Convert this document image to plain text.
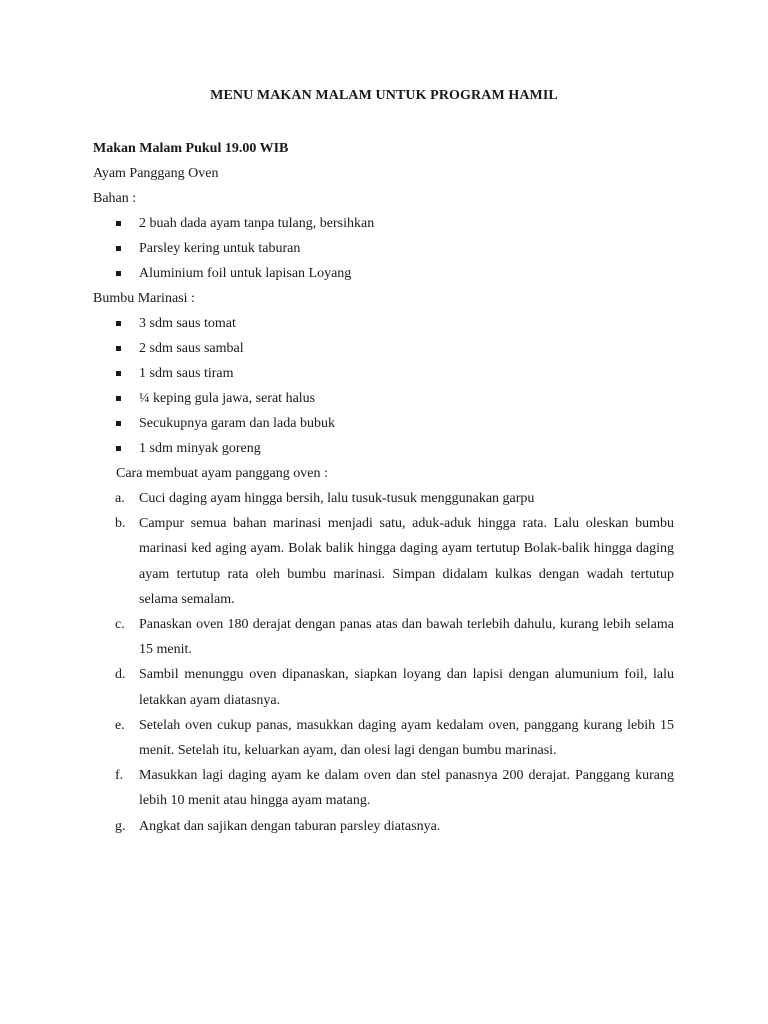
MENU MAKAN MALAM UNTUK PROGRAM HAMIL
Makan Malam Pukul 19.00 WIB
Ayam Panggang Oven
Bahan :
2 buah dada ayam tanpa tulang, bersihkan
Parsley kering untuk taburan
Aluminium foil untuk lapisan Loyang
Bumbu Marinasi :
3 sdm saus tomat
2 sdm saus sambal
1 sdm saus tiram
¼ keping gula jawa, serat halus
Secukupnya garam dan lada bubuk
1 sdm minyak goreng
Cara membuat ayam panggang oven :
a. Cuci daging ayam hingga bersih, lalu tusuk-tusuk menggunakan garpu
b. Campur semua bahan marinasi menjadi satu, aduk-aduk hingga rata. Lalu oleskan bumbu marinasi ked aging ayam. Bolak balik hingga daging ayam tertutup Bolak-balik hingga daging ayam tertutup rata oleh bumbu marinasi. Simpan didalam kulkas dengan wadah tertutup selama semalam.
c. Panaskan oven 180 derajat dengan panas atas dan bawah terlebih dahulu, kurang lebih selama 15 menit.
d. Sambil menunggu oven dipanaskan, siapkan loyang dan lapisi dengan alumunium foil, lalu letakkan ayam diatasnya.
e. Setelah oven cukup panas, masukkan daging ayam kedalam oven, panggang kurang lebih 15 menit. Setelah itu, keluarkan ayam, dan olesi lagi dengan bumbu marinasi.
f. Masukkan lagi daging ayam ke dalam oven dan stel panasnya 200 derajat. Panggang kurang lebih 10 menit atau hingga ayam matang.
g. Angkat dan sajikan dengan taburan parsley diatasnya.
